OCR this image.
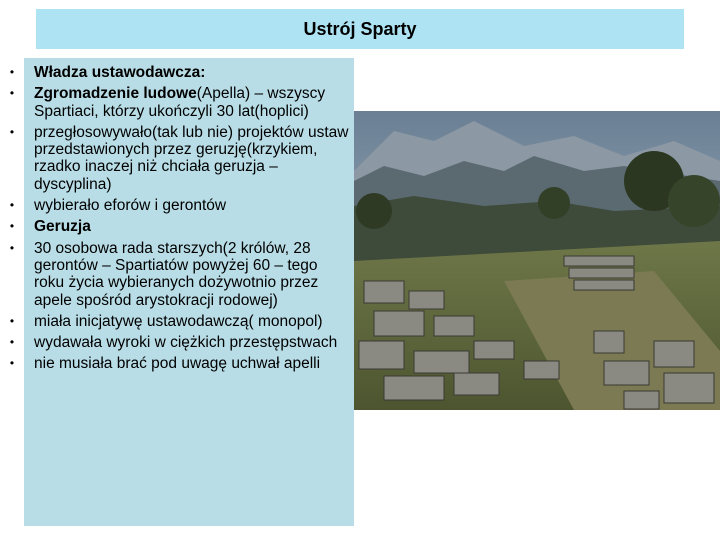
Ustrój Sparty
• Władza ustawodawcza:
• Zgromadzenie ludowe(Apella) – wszyscy Spartiaci, którzy ukończyli 30 lat(hoplici)
• przegłosowywało(tak lub nie) projektów ustaw przedstawionych przez geruzję(krzykiem, rzadko inaczej niż chciała geruzja – dyscyplina)
• wybierało eforów i gerontów
• Geruzja
• 30 osobowa rada starszych(2 królów, 28 gerontów – Spartiatów powyżej 60 – tego roku życia wybieranych dożywotnio przez apele spośród arystokracji rodowej)
• miała inicjatywę ustawodawczą( monopol)
• wydawała wyroki w ciężkich przestępstwach
• nie musiała brać pod uwagę uchwał apelli
